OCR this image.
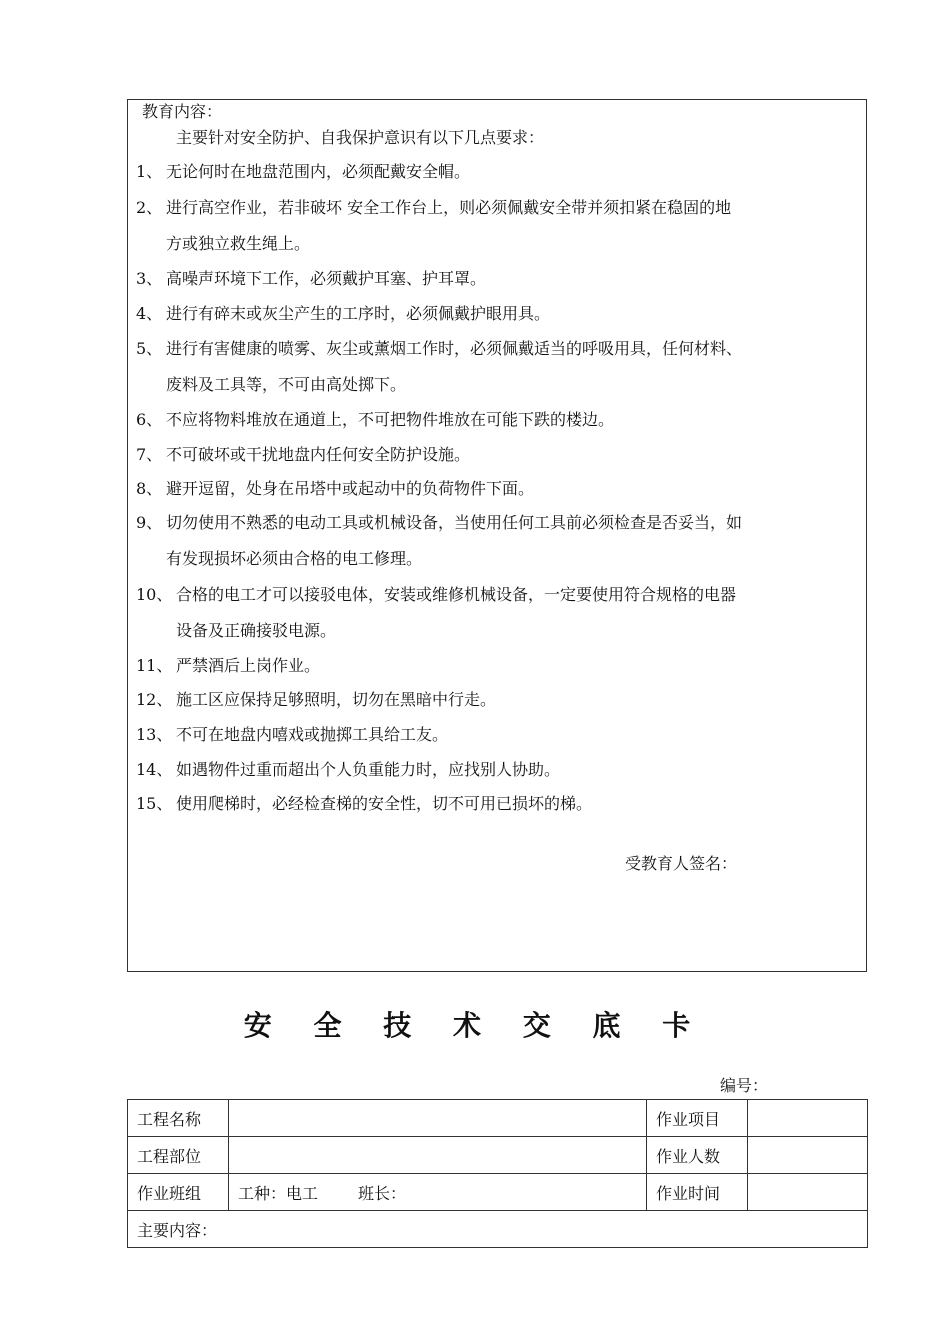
教育内容：
主要针对安全防护、自我保护意识有以下几点要求：
1、 无论何时在地盘范围内，必须配戴安全帽。
2、 进行高空作业，若非破坏 安全工作台上，则必须佩戴安全带并须扣紧在稳固的地
方或独立救生绳上。
3、 高噪声环境下工作，必须戴护耳塞、护耳罩。
4、 进行有碎末或灰尘产生的工序时，必须佩戴护眼用具。
5、 进行有害健康的喷雾、灰尘或薰烟工作时，必须佩戴适当的呼吸用具，任何材料、
废料及工具等，不可由高处掷下。
6、 不应将物料堆放在通道上，不可把物件堆放在可能下跌的楼边。
7、 不可破坏或干扰地盘内任何安全防护设施。
8、 避开逗留，处身在吊塔中或起动中的负荷物件下面。
9、 切勿使用不熟悉的电动工具或机械设备，当使用任何工具前必须检查是否妥当，如
有发现损坏必须由合格的电工修理。
10、 合格的电工才可以接驳电体，安装或维修机械设备，一定要使用符合规格的电器
设备及正确接驳电源。
11、 严禁酒后上岗作业。
12、 施工区应保持足够照明，切勿在黑暗中行走。
13、 不可在地盘内嘻戏或抛掷工具给工友。
14、 如遇物件过重而超出个人负重能力时，应找别人协助。
15、 使用爬梯时，必经检查梯的安全性，切不可用已损坏的梯。
受教育人签名：
安 全 技 术 交 底 卡
编号：
工程名称		作业项目	
工程部位		作业人数	
作业班组	工种：电工 班长：	作业时间	
主要内容：			
